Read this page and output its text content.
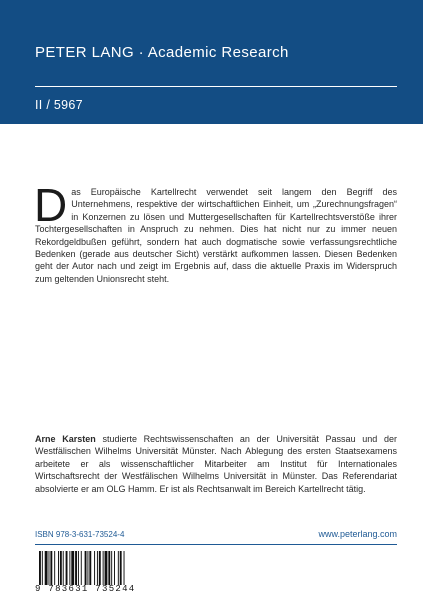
PETER LANG · Academic Research
II / 5967
D as Europäische Kartellrecht verwendet seit langem den Begriff des Unternehmens, respektive der wirtschaftlichen Einheit, um „Zurechnungsfragen“ in Konzernen zu lösen und Muttergesellschaften für Kartellrechtsverstöße ihrer Tochtergesellschaften in Anspruch zu nehmen. Dies hat nicht nur zu immer neuen Rekordgeldbußen geführt, sondern hat auch dogmatische sowie verfassungsrechtliche Bedenken (gerade aus deutscher Sicht) verstärkt aufkommen lassen. Diesen Bedenken geht der Autor nach und zeigt im Ergebnis auf, dass die aktuelle Praxis im Widerspruch zum geltenden Unionsrecht steht.
Arne Karsten studierte Rechtswissenschaften an der Universität Passau und der Westfälischen Wilhelms Universität Münster. Nach Ablegung des ersten Staatsexamens arbeitete er als wissenschaftlicher Mitarbeiter am Institut für Internationales Wirtschaftsrecht der Westfälischen Wilhelms Universität in Münster. Das Referendariat absolvierte er am OLG Hamm. Er ist als Rechtsanwalt im Bereich Kartellrecht tätig.
ISBN 978-3-631-73524-4	www.peterlang.com
9 783631 735244
